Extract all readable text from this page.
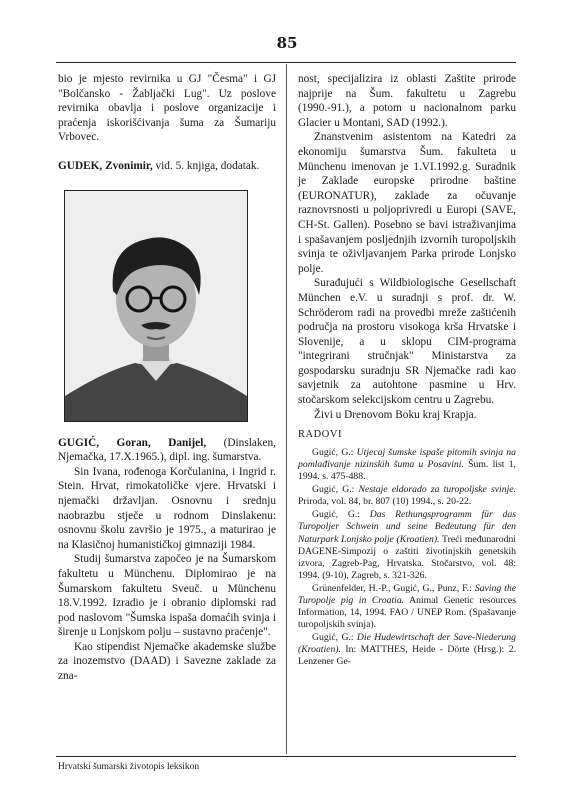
85

bio je mjesto revirnika u GJ "Česma" i GJ "Bolčansko - Žabljački Lug". Uz poslove revirnika obavlja i poslove organizacije i praćenja iskorišćivanja šuma za Šumariju Vrbovec.

GUDEK, Zvonimir, vid. 5. knjiga, dodatak.

GUGIĆ, Goran, Danijel, (Dinslaken, Njemačka, 17.X.1965.), dipl. ing. šumarstva.

Sin Ivana, rođenoga Korčulanina, i Ingrid r. Stein. Hrvat, rimokatoličke vjere. Hrvatski i njemački državljan. Osnovnu i srednju naobrazbu stječe u rodnom Dinslakenu: osnovnu školu završio je 1975., a maturirao je na Klasičnoj humanističkoj gimnaziji 1984.

Studij šumarstva započeo je na Šumarskom fakultetu u Münchenu. Diplomirao je na Šumarskom fakultetu Sveuč. u Münchenu 18.V.1992. Izradio je i obranio diplomski rad pod naslovom "Šumska ispaša domaćih svinja i širenje u Lonjskom polju – sustavno praćenje".

Kao stipendist Njemačke akademske službe za inozemstvo (DAAD) i Savezne zaklade za zna-

nost, specijalizira iz oblasti Zaštite prirode najprije na Šum. fakultetu u Zagrebu (1990.-91.), a potom u nacionalnom parku Glacier u Montani, SAD (1992.).

Znanstvenim asistentom na Katedri za ekonomiju šumarstva Šum. fakulteta u Münchenu imenovan je 1.VI.1992.g. Suradnik je Zaklade europske prirodne baštine (EURONATUR), zaklade za očuvanje raznovrsnosti u poljoprivredi u Europi (SAVE, CH-St. Gallen). Posebno se bavi istraživanjima i spašavanjem posljednjih izvornih turopoljskih svinja te oživljavanjem Parka prirode Lonjsko polje.

Surađujući s Wildbiologische Gesellschaft München e.V. u suradnji s prof. dr. W. Schröderom radi na provedbi mreže zaštićenih područja na prostoru visokoga krša Hrvatske i Slovenije, a u sklopu CIM-programa "integrirani stručnjak" Ministarstva za gospodarsku suradnju SR Njemačke radi kao savjetnik za autohtone pasmine u Hrv. stočarskom selekcijskom centru u Zagrebu.

Živi u Drenovom Boku kraj Krapja.

RADOVI

Gugić, G.: Utjecaj šumske ispaše pitomih svinja na pomlađivanje nizinskih šuma u Posavini. Šum. list 1, 1994. s. 475-488.

Gugić, G.: Nestaje eldorado za turopoljske svinje. Priroda, vol. 84, br. 807 (10) 1994., s. 20-22.

Gugić, G.: Das Rethungsprogramm für das Turopoljer Schwein und seine Bedeutung für den Naturpark Lonjsko polje (Kroatien). Treći međunarodni DAGENE-Simpozij o zaštiti životinjskih genetskih izvora, Zagreb-Pag, Hrvatska. Stočarstvo, vol. 48: 1994. (9-10), Zagreb, s. 321-326.

Grünenfelder, H.-P., Gugić, G., Punz, F.: Saving the Turopolje pig in Croatia. Animal Genetic resources Information, 14, 1994. FAO / UNEP Rom. (Spašavanje turopoljskih svinja).

Gugić, G.: Die Hudewirtschaft der Save-Niederung (Kroatien). In: MATTHES, Heide - Dörte (Hrsg.): 2. Lenzener Ge-

Hrvatski šumarski životopis leksikon
